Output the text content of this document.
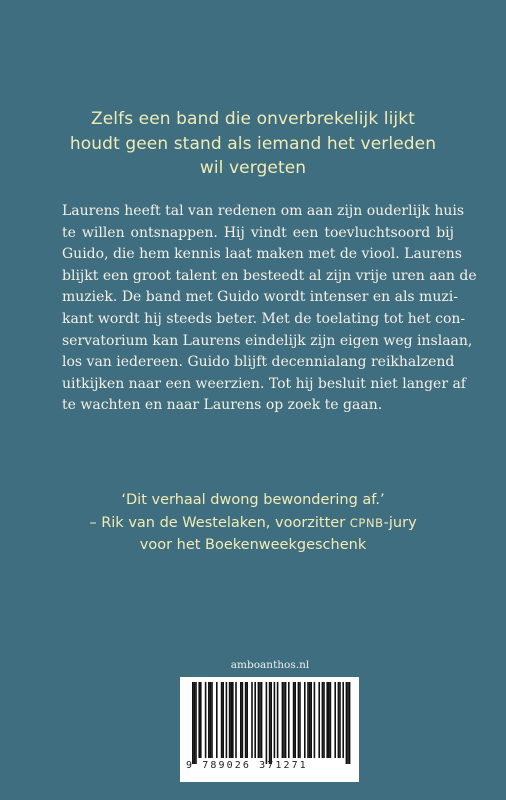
Zelfs een band die onverbrekelijk lijkt
houdt geen stand als iemand het verleden
wil vergeten
Laurens heeft tal van redenen om aan zijn ouderlijk huis
te willen ontsnappen. Hij vindt een toevluchtsoord bij
Guido, die hem kennis laat maken met de viool. Laurens
blijkt een groot talent en besteedt al zijn vrije uren aan de
muziek. De band met Guido wordt intenser en als muzi-
kant wordt hij steeds beter. Met de toelating tot het con-
servatorium kan Laurens eindelijk zijn eigen weg inslaan,
los van iedereen. Guido blijft decennialang reikhalzend
uitkijken naar een weerzien. Tot hij besluit niet langer af
te wachten en naar Laurens op zoek te gaan.
‘Dit verhaal dwong bewondering af.’
– Rik van de Westelaken, voorzitter CPNB-jury
voor het Boekenweekgeschenk
amboanthos.nl
9 789026 371271
